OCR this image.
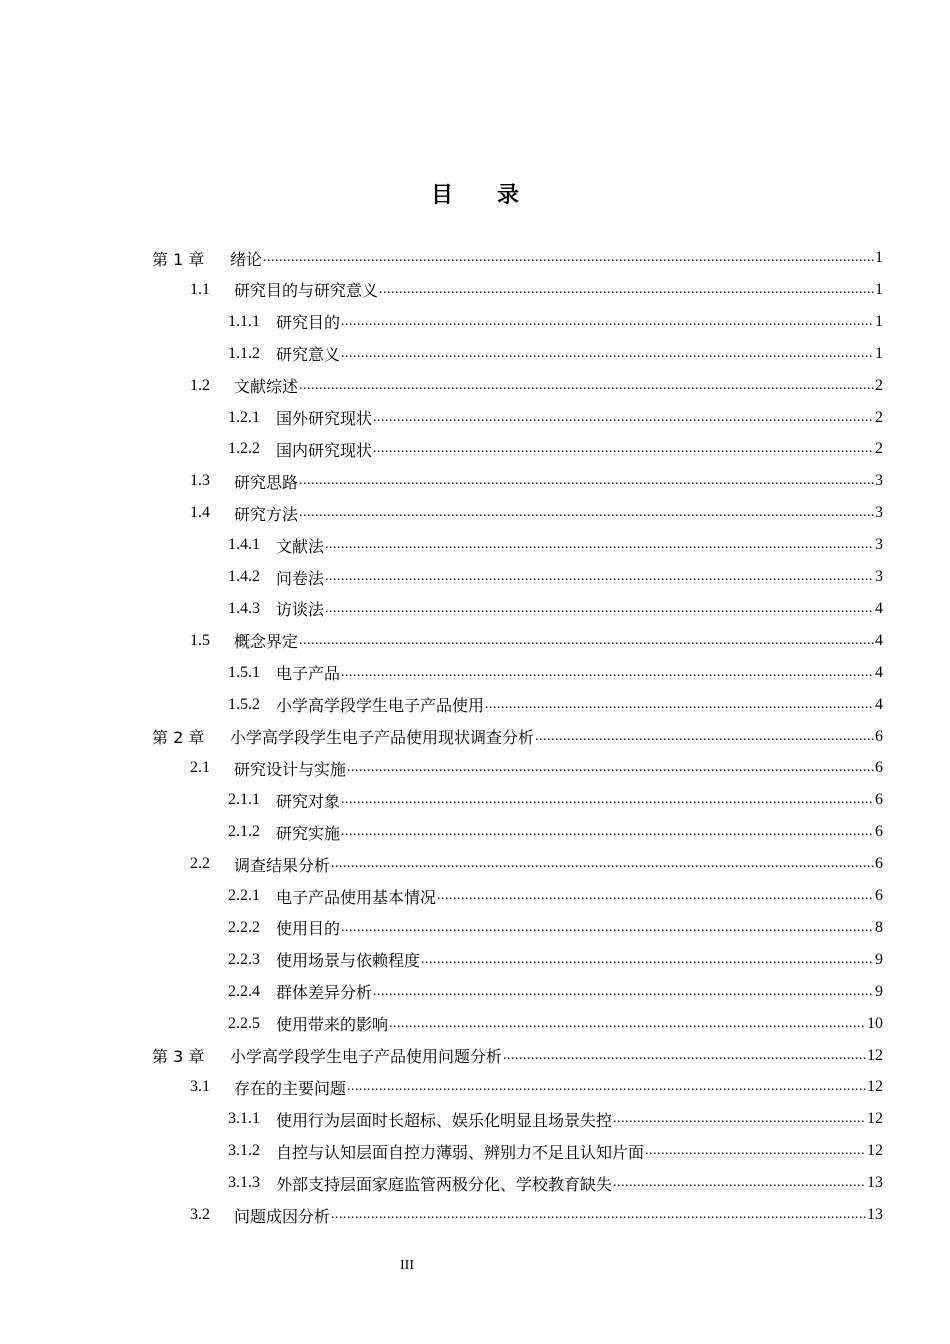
目录
第 1 章	绪论 .....	1
1.1	研究目的与研究意义 .....	1
1.1.1	研究目的 .....	1
1.1.2	研究意义 .....	1
1.2	文献综述 .....	2
1.2.1	国外研究现状 .....	2
1.2.2	国内研究现状 .....	2
1.3	研究思路 .....	3
1.4	研究方法 .....	3
1.4.1	文献法 .....	3
1.4.2	问卷法 .....	3
1.4.3	访谈法 .....	4
1.5	概念界定 .....	4
1.5.1	电子产品 .....	4
1.5.2	小学高学段学生电子产品使用 .....	4
第 2 章	小学高学段学生电子产品使用现状调查分析 .....	6
2.1	研究设计与实施 .....	6
2.1.1	研究对象 .....	6
2.1.2	研究实施 .....	6
2.2	调查结果分析 .....	6
2.2.1	电子产品使用基本情况 .....	6
2.2.2	使用目的 .....	8
2.2.3	使用场景与依赖程度 .....	9
2.2.4	群体差异分析 .....	9
2.2.5	使用带来的影响 .....	10
第 3 章	小学高学段学生电子产品使用问题分析 .....	12
3.1	存在的主要问题 .....	12
3.1.1	使用行为层面时长超标、娱乐化明显且场景失控 .....	12
3.1.2	自控与认知层面自控力薄弱、辨别力不足且认知片面 .....	12
3.1.3	外部支持层面家庭监管两极分化、学校教育缺失 .....	13
3.2	问题成因分析 .....	13
III
